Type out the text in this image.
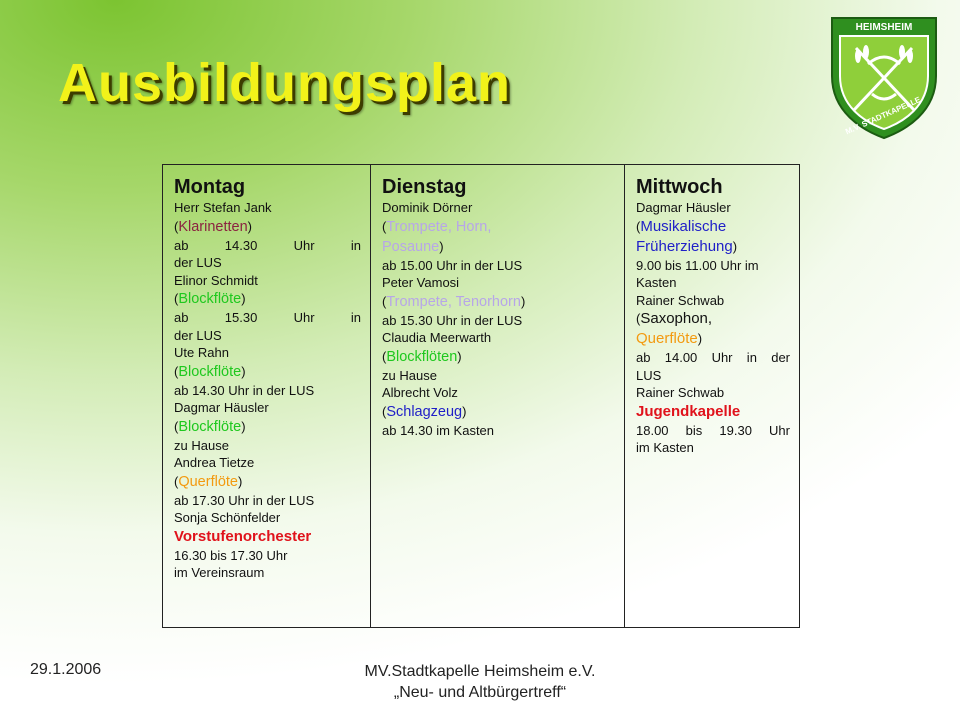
Ausbildungsplan
HEIMSHEIM
M.V. STADTKAPELLE
Montag

Herr Stefan Jank

(Klarinetten)

ab 14.30 Uhr	in

der LUS

Elinor Schmidt

(Blockflöte)

ab 15.30 Uhr	in

der LUS

Ute Rahn

(Blockflöte)

ab 14.30 Uhr in der LUS

Dagmar Häusler

(Blockflöte)

zu Hause

Andrea Tietze

(Querflöte)

ab 17.30 Uhr in der LUS

Sonja Schönfelder

Vorstufenorchester

16.30 bis 17.30 Uhr

im Vereinsraum

Dienstag

Dominik Dörner

(Trompete, Horn,

Posaune)

ab 15.00 Uhr in der LUS

Peter Vamosi

(Trompete, Tenorhorn)

ab 15.30 Uhr in der LUS

Claudia Meerwarth

(Blockflöten)

zu Hause

Albrecht Volz

(Schlagzeug)

ab 14.30 im Kasten

Mittwoch

Dagmar Häusler

(Musikalische

Früherziehung)

9.00 bis 11.00 Uhr im

Kasten

Rainer Schwab

(Saxophon,

Querflöte)

ab 14.00 Uhr in der

LUS

Rainer Schwab

Jugendkapelle

18.00 bis 19.30 Uhr

im Kasten

29.1.2006	MV.Stadtkapelle Heimsheim e.V.
„Neu- und Altbürgertreff“
